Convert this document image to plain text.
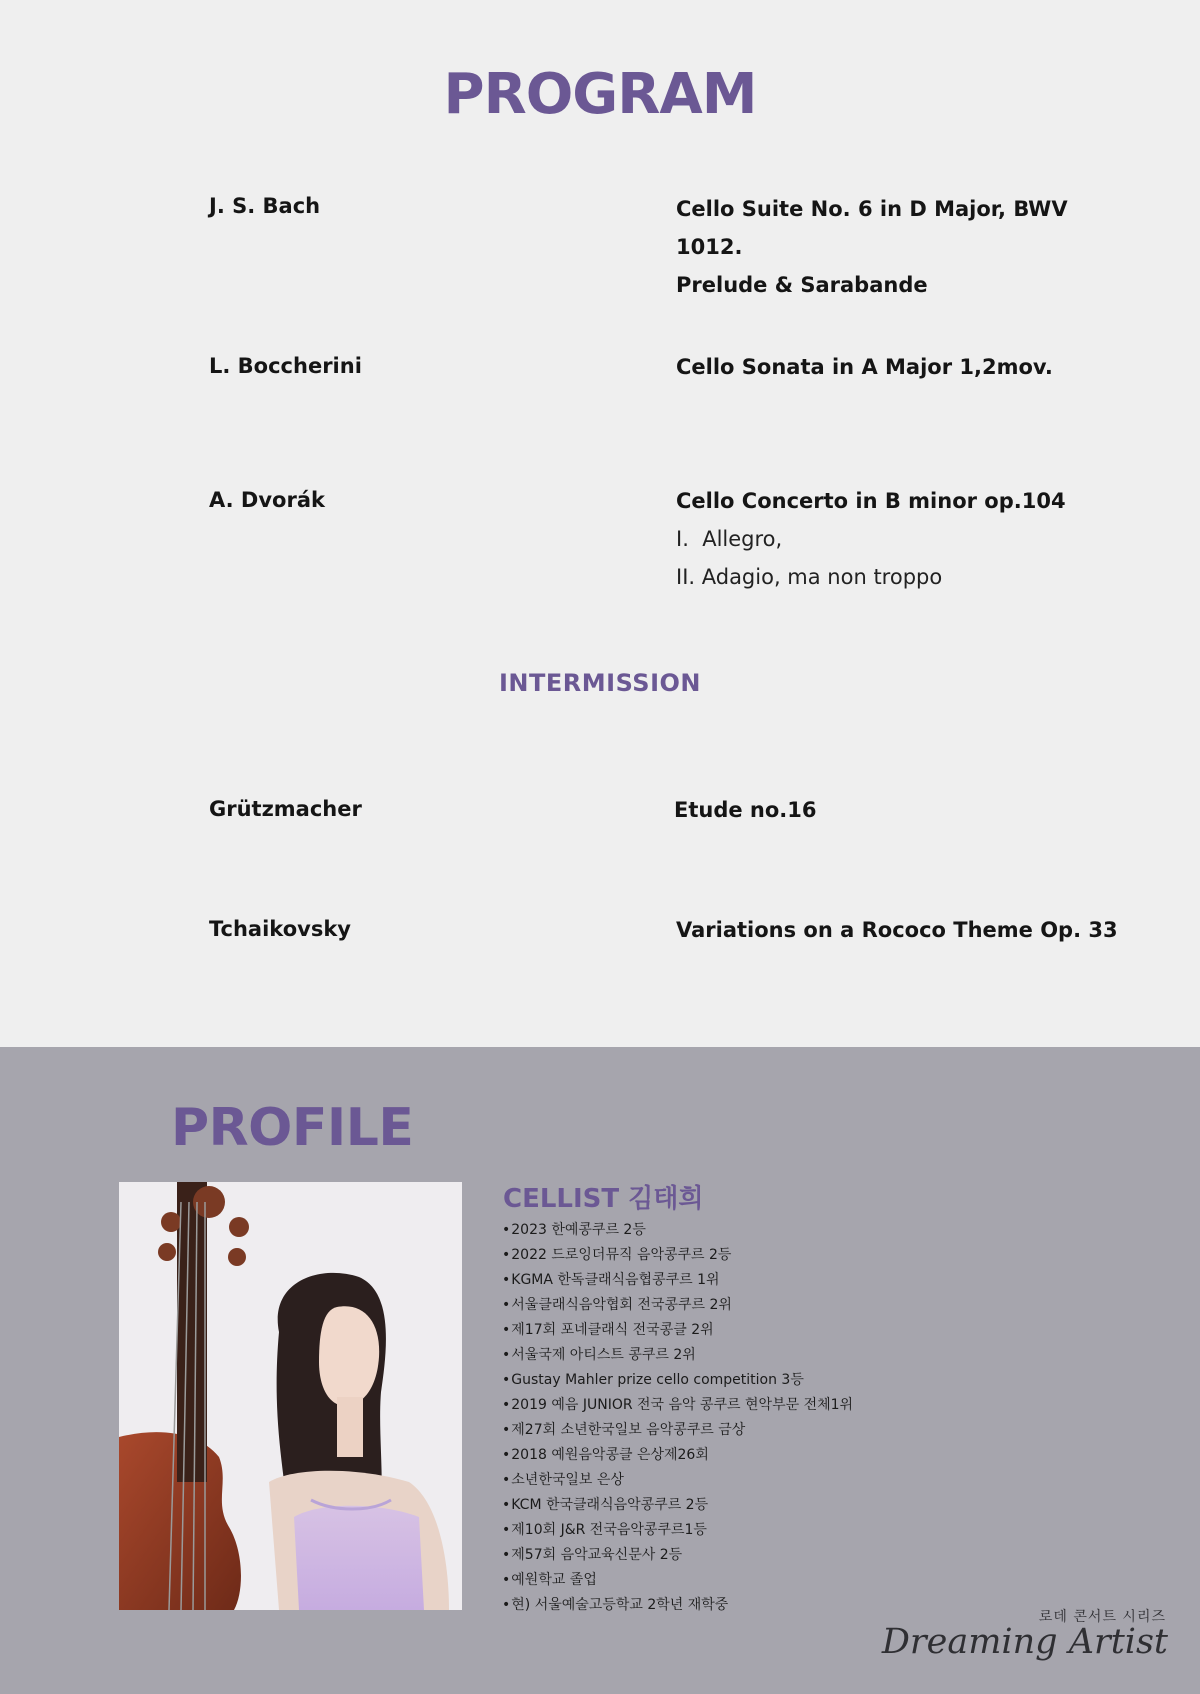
PROGRAM
J. S. Bach	Cello Suite No. 6 in D Major, BWV 1012.
Prelude & Sarabande
L. Boccherini	Cello Sonata in A Major 1,2mov.
A. Dvorák	Cello Concerto in B minor op.104
I.  Allegro,
II. Adagio, ma non troppo
INTERMISSION
Grützmacher	Etude no.16
Tchaikovsky	Variations on a Rococo Theme Op. 33
PROFILE
CELLIST 김태희
• 2023 한예콩쿠르 2등
• 2022 드로잉더뮤직 음악콩쿠르 2등
• KGMA 한독클래식음협콩쿠르 1위
• 서울클래식음악협회 전국콩쿠르 2위
• 제17회 포네클래식 전국콩클 2위
• 서울국제 아티스트 콩쿠르 2위
• Gustay Mahler prize cello competition 3등
• 2019 예음 JUNIOR 전국 음악 콩쿠르 현악부문 전체1위
• 제27회 소년한국일보 음악콩쿠르 금상
• 2018 예원음악콩클 은상제26회
• 소년한국일보 은상
• KCM 한국클래식음악콩쿠르 2등
• 제10회 J&R 전국음악콩쿠르1등
• 제57회 음악교육신문사 2등
• 예원학교 졸업
• 현) 서울예술고등학교 2학년 재학중
로데 콘서트 시리즈
Dreaming Artist
